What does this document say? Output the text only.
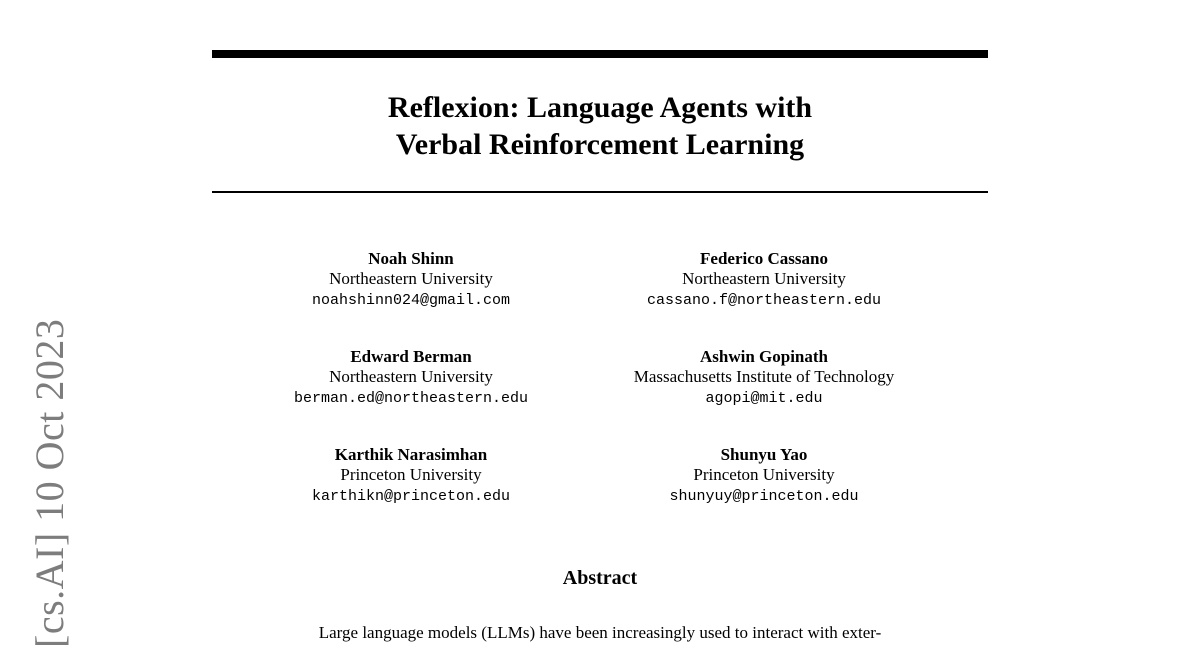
Reflexion: Language Agents with
Verbal Reinforcement Learning
Noah Shinn
Northeastern University
noahshinn024@gmail.com
Federico Cassano
Northeastern University
cassano.f@northeastern.edu
Edward Berman
Northeastern University
berman.ed@northeastern.edu
Ashwin Gopinath
Massachusetts Institute of Technology
agopi@mit.edu
Karthik Narasimhan
Princeton University
karthikn@princeton.edu
Shunyu Yao
Princeton University
shunyuy@princeton.edu
Abstract
Large language models (LLMs) have been increasingly used to interact with exter-
[cs.AI] 10 Oct 2023
